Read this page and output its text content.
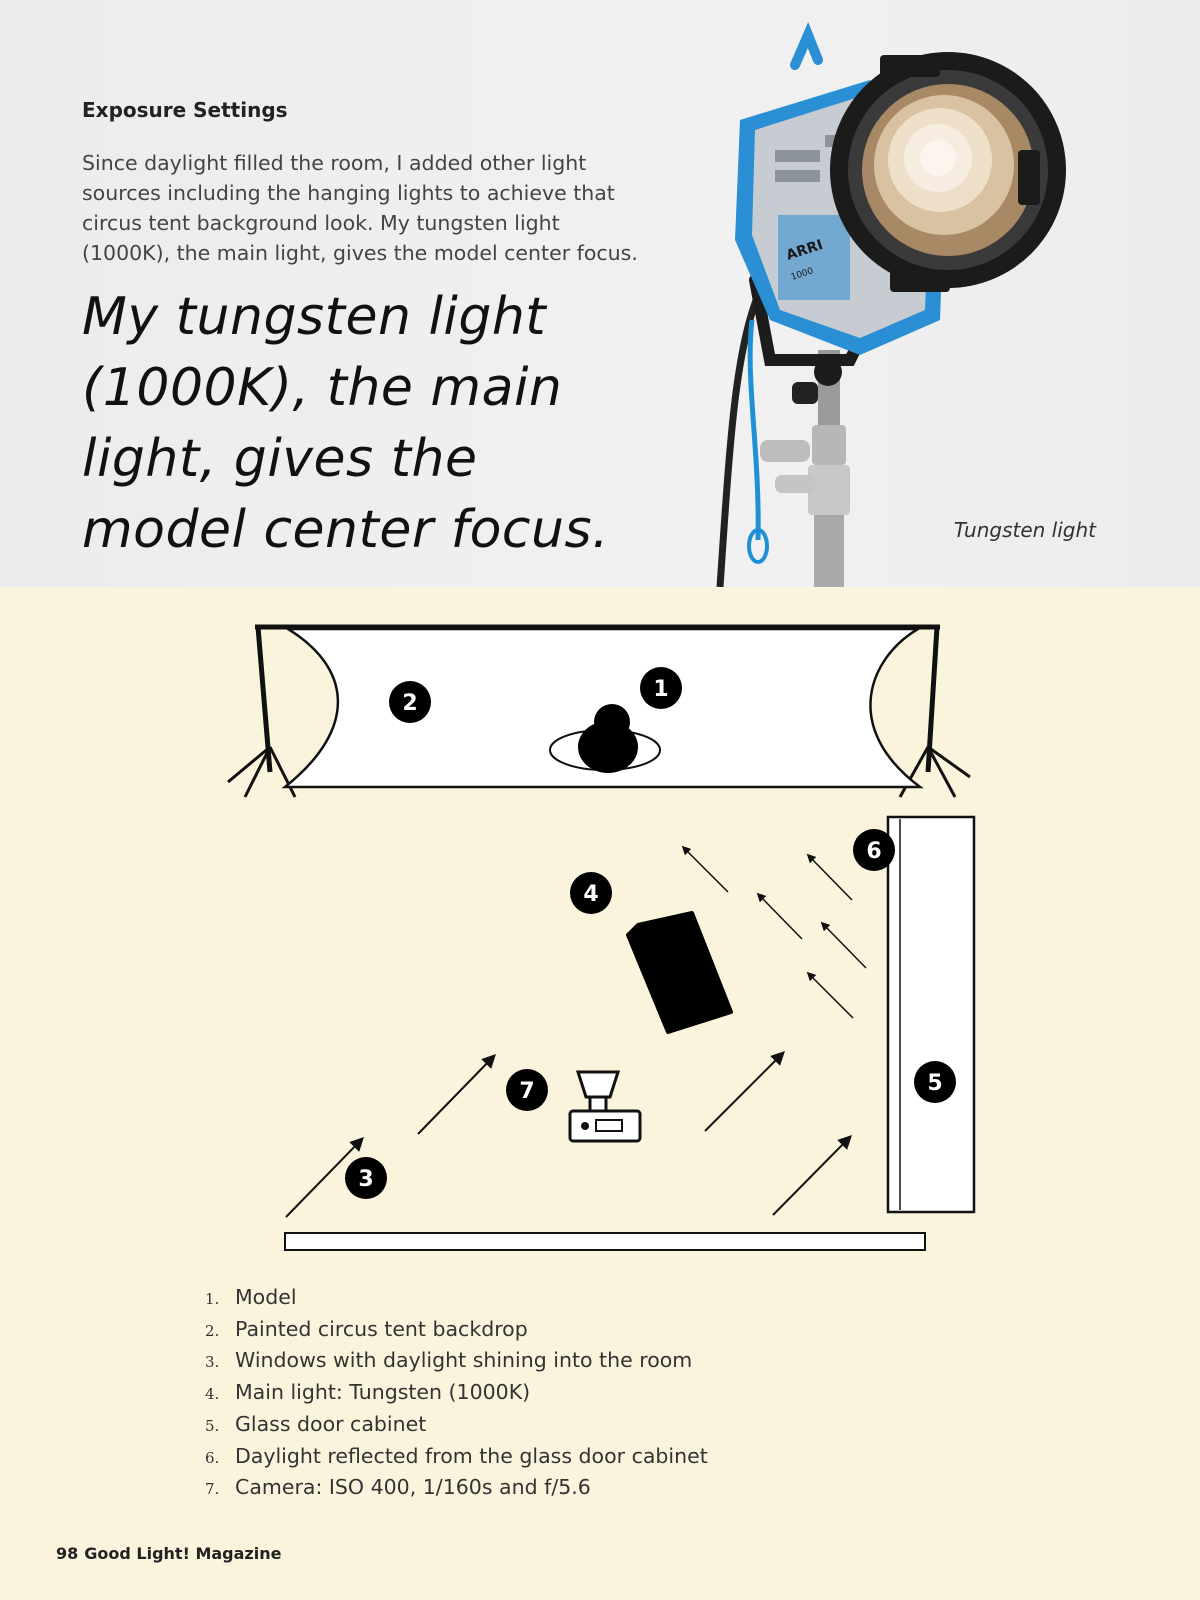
Exposure Settings

Since daylight filled the room, I added other light sources including the hanging lights to achieve that circus tent background look. My tungsten light (1000K), the main light, gives the model center focus.

My tungsten light (1000K), the main light, gives the model center focus.

ARRI
1000
Tungsten light
1
2
3
4
5
6
7
1. Model
2. Painted circus tent backdrop
3. Windows with daylight shining into the room
4. Main light: Tungsten (1000K)
5. Glass door cabinet
6. Daylight reflected from the glass door cabinet
7. Camera: ISO 400, 1/160s and f/5.6
98 Good Light! Magazine
